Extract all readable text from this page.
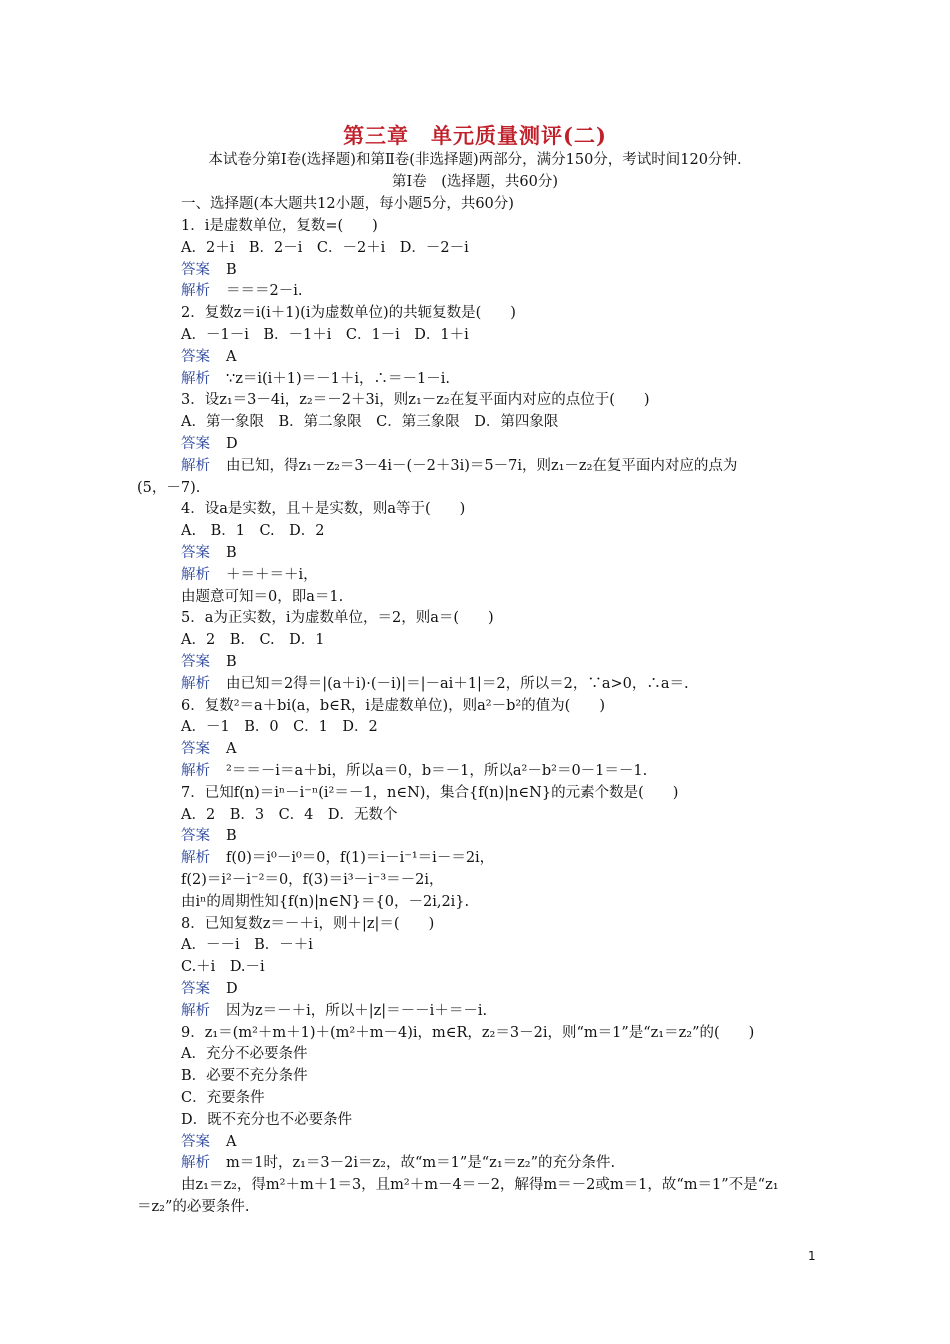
第三章　单元质量测评(二)
本试卷分第Ⅰ卷(选择题)和第Ⅱ卷(非选择题)两部分，满分150分，考试时间120分钟.
第Ⅰ卷　(选择题，共60分)
一、选择题(本大题共12小题，每小题5分，共60分)
1．i是虚数单位，复数=(　　)
A．2＋i　B．2－i　C．－2＋i　D．－2－i
答案 B
解析 ＝＝＝2－i.
2．复数z＝i(i＋1)(i为虚数单位)的共轭复数是(　　)
A．－1－i　B．－1＋i　C．1－i　D．1＋i
答案 A
解析 ∵z＝i(i＋1)＝－1＋i，∴＝－1－i.
3．设z₁＝3－4i，z₂＝－2＋3i，则z₁－z₂在复平面内对应的点位于(　　)
A．第一象限　B．第二象限　C．第三象限　D．第四象限
答案 D
解析 由已知，得z₁－z₂＝3－4i－(－2＋3i)＝5－7i，则z₁－z₂在复平面内对应的点为
(5，－7).
4．设a是实数，且＋是实数，则a等于(　　)
A.　B．1　C.　D．2
答案 B
解析 ＋＝＋＝＋i，
由题意可知＝0，即a＝1.
5．a为正实数，i为虚数单位，＝2，则a＝(　　)
A．2　B.　C.　D．1
答案 B
解析 由已知＝2得＝|(a＋i)·(－i)|＝|－ai＋1|＝2，所以＝2，∵a>0，∴a＝.
6．复数²＝a＋bi(a，b∈R，i是虚数单位)，则a²－b²的值为(　　)
A．－1　B．0　C．1　D．2
答案 A
解析 ²＝＝－i＝a＋bi，所以a＝0，b＝－1，所以a²－b²＝0－1＝－1.
7．已知f(n)＝iⁿ－i⁻ⁿ(i²＝－1，n∈N)，集合{f(n)|n∈N}的元素个数是(　　)
A．2　B．3　C．4　D．无数个
答案 B
解析 f(0)＝i⁰－i⁰＝0，f(1)＝i－i⁻¹＝i－＝2i，
f(2)＝i²－i⁻²＝0，f(3)＝i³－i⁻³＝－2i，
由iⁿ的周期性知{f(n)|n∈N}＝{0，－2i,2i}.
8．已知复数z＝－＋i，则＋|z|＝(　　)
A．－－i　B．－＋i
C.＋i　D.－i
答案 D
解析 因为z＝－＋i，所以＋|z|＝－－i＋＝－i.
9．z₁＝(m²＋m＋1)＋(m²＋m－4)i，m∈R，z₂＝3－2i，则“m＝1”是“z₁＝z₂”的(　　)
A．充分不必要条件
B．必要不充分条件
C．充要条件
D．既不充分也不必要条件
答案 A
解析 m＝1时，z₁＝3－2i＝z₂，故“m＝1”是“z₁＝z₂”的充分条件.
由z₁＝z₂，得m²＋m＋1＝3，且m²＋m－4＝－2，解得m＝－2或m＝1，故“m＝1”不是“z₁
＝z₂”的必要条件.
1
